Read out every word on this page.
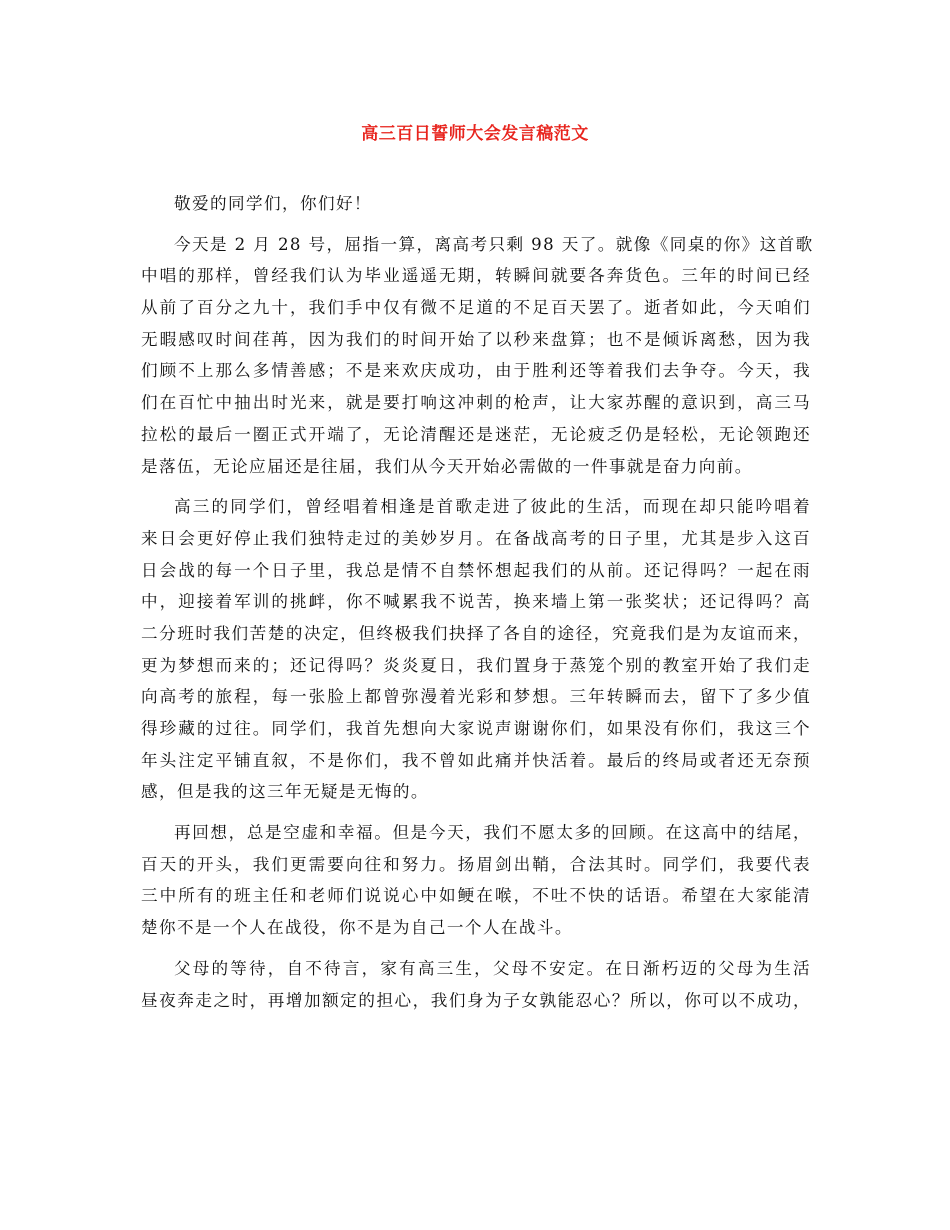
高三百日誓师大会发言稿范文
敬爱的同学们，你们好！
今天是 2 月 28 号，屈指一算，离高考只剩 98 天了。就像《同桌的你》这首歌
中唱的那样，曾经我们认为毕业遥遥无期，转瞬间就要各奔货色。三年的时间已经
从前了百分之九十，我们手中仅有微不足道的不足百天罢了。逝者如此，今天咱们
无暇感叹时间荏苒，因为我们的时间开始了以秒来盘算；也不是倾诉离愁，因为我
们顾不上那么多情善感；不是来欢庆成功，由于胜利还等着我们去争夺。今天，我
们在百忙中抽出时光来，就是要打响这冲刺的枪声，让大家苏醒的意识到，高三马
拉松的最后一圈正式开端了，无论清醒还是迷茫，无论疲乏仍是轻松，无论领跑还
是落伍，无论应届还是往届，我们从今天开始必需做的一件事就是奋力向前。
高三的同学们，曾经唱着相逢是首歌走进了彼此的生活，而现在却只能吟唱着
来日会更好停止我们独特走过的美妙岁月。在备战高考的日子里，尤其是步入这百
日会战的每一个日子里，我总是情不自禁怀想起我们的从前。还记得吗？一起在雨
中，迎接着军训的挑衅，你不喊累我不说苦，换来墙上第一张奖状；还记得吗？高
二分班时我们苦楚的决定，但终极我们抉择了各自的途径，究竟我们是为友谊而来，
更为梦想而来的；还记得吗？炎炎夏日，我们置身于蒸笼个别的教室开始了我们走
向高考的旅程，每一张脸上都曾弥漫着光彩和梦想。三年转瞬而去，留下了多少值
得珍藏的过往。同学们，我首先想向大家说声谢谢你们，如果没有你们，我这三个
年头注定平铺直叙，不是你们，我不曾如此痛并快活着。最后的终局或者还无奈预
感，但是我的这三年无疑是无悔的。
再回想，总是空虚和幸福。但是今天，我们不愿太多的回顾。在这高中的结尾，
百天的开头，我们更需要向往和努力。扬眉剑出鞘，合法其时。同学们，我要代表
三中所有的班主任和老师们说说心中如鲠在喉，不吐不快的话语。希望在大家能清
楚你不是一个人在战役，你不是为自己一个人在战斗。
父母的等待，自不待言，家有高三生，父母不安定。在日渐朽迈的父母为生活
昼夜奔走之时，再增加额定的担心，我们身为子女孰能忍心？所以，你可以不成功，
